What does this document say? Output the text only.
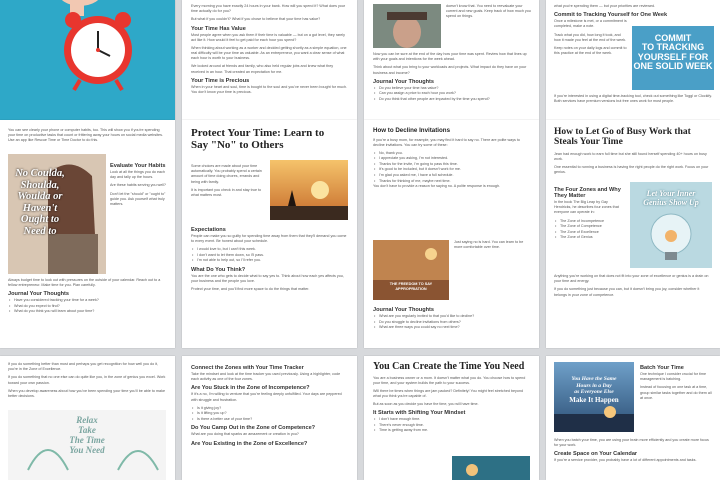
Every morning you have exactly 24 hours in your bank. How will you spend it? What does your time actually do for you?
But what if you couldn't? What if you chose to believe that your time has value?
Your Time Has Value
Most people agree when you ask them if their time is valuable — but on a gut level, they rarely act like it. How would it feel to get paid for each hour you spend?
When thinking about working as a worker and decided getting shortly as a simple equation, one real difficulty will be your time as valuable. As an entrepreneur, you want a clear sense of what each hour is worth to your business.
We looked around at friends and family, who also held regular jobs and knew what they received in an hour. That created an expectation for me.
Your Time is Precious
When in your heart and soul, time is bought to the soul and you've never been bought for much. You don't know your time is precious.
doesn't know that. You need to reevaluate your current and new goals. Keep track of how much you spend on things.
Now you can be sure at the end of the day how your time was spent. Review how that lines up with your goals and intentions for the week ahead.
Think about what you bring to your workloads and projects. What impact do they have on your business and income?
Journal Your Thoughts
• Do you believe your time has value?
• Can you assign a price to each hour you work?
• Do you think that other people are impacted by the time you spend?
what you're spending them — but your priorities are reviewed.
Commit to Tracking Yourself for One Week
Once a milestone is met, or a commitment is completed, make a note.
Track what you did, how long it took, and how it made you feel at the end of the week.
Keep notes on your daily logs and commit to this practice at the end of the week.
COMMIT
TO TRACKING
YOURSELF FOR
ONE SOLID WEEK
If you're interested in using a digital time-tracking tool, check out something like Toggl or Clockify. Both services have premium versions but free ones work for most people.
You can see clearly your phone or computer habits, too. This will show you if you're spending your time on productive tasks that count or frittering away your hours on social media websites. Use an app like Rescue Time or Time Doctor to do this.
No Coulda,
Shoulda,
Woulda or
Haven't
Ought to
Need to
Evaluate Your Habits
Look at all the things you do each day and tally up the hours.
Are these habits serving you well?
Don't let the "should" or "ought to" guide you. Ask yourself what truly matters.
Always budget time to look out with pressures on the outside of your calendar. Reach out to a fellow entrepreneur. Make time for you. Plan carefully.
Journal Your Thoughts
• Have you considered tracking your time for a week?
• What do you expect to find?
• What do you think you will learn about your time?
Protect Your Time: Learn to Say "No" to Others
Some choices are made about your time automatically. You probably spend a certain amount of time doing chores, errands and being with family.
It is important you check in and stay true to what matters most.
Expectations
People can make you so guilty for spending time away from them that they'll demand you come to every event. Be honest about your schedule.
• I would love to, but I can't this week.
• I don't want to let them down, so I'll pass.
• I'm not able to help out, so I'll refer you.
What Do You Think?
You are the one who gets to decide what to say yes to. Think about how each yes affects you, your business and the people you love.
Protect your time, and you'll find more space to do the things that matter.
How to Decline Invitations
If you're a busy mom, for example, you may find it hard to say no. There are polite ways to decline invitations. You can try some of these:
• No, thank you.
• I appreciate you asking, I'm not interested.
• Thanks for the invite, I'm going to pass this time.
• It's good to be included, but it doesn't work for me.
• I'm glad you asked me, I have a full schedule.
• Thanks for thinking of me, maybe next time.
You don't have to provide a reason for saying no. A polite response is enough.
THE FREEDOM TO SAY
APPROPRIATION
Just saying no is hard. You can learn to be more comfortable over time.
Journal Your Thoughts
• What are you regularly invited to that you'd like to decline?
• Do you struggle to decline invitations from others?
• What are three ways you could say no next time?
How to Let Go of Busy Work that Steals Your Time
Jean had enough work to earn full time but she still found herself spending 40+ hours on busy work.
One essential to running a business is having the right people do the right work. Focus on your genius.
The Four Zones and Why They Matter
In the book The Big Leap by Gay Hendricks, he describes four zones that everyone can operate in:
• The Zone of Incompetence
• The Zone of Competence
• The Zone of Excellence
• The Zone of Genius
Let Your Inner
Genius Show Up
Anything you're working on that does not fit into your zone of excellence or genius is a drain on your time and energy.
If you do something just because you can, but it doesn't bring you joy, consider whether it belongs in your zone of competence.
If you do something better than most and perhaps you get recognition for how well you do it, you're in the Zone of Excellence.
If you do something that no one else can do quite like you, in the zone of genius you excel. Work toward your own passion.
When you develop awareness about how you've been spending your time you'll be able to make better decisions.
Relax
Take
The Time
You Need
Connect the Zones with Your Time Tracker
Take the mindset and look at the time tracker you used previously. Using a highlighter, code each activity as one of the four zones.
Are You Stuck in the Zone of Incompetence?
If it's a no, I'm willing to venture that you're feeling deeply unfulfilled. Your days are peppered with struggle and frustration.
• Is it giving joy?
• Is it lifting you up?
• Is there a better use of your time?
Do You Camp Out in the Zone of Competence?
What are you doing that sparks an amazement or creation in you?
Are You Existing in the Zone of Excellence?
You Can Create the Time You Need
You are a business owner or a mom. It doesn't matter what you do. You choose how to spend your time, and your system builds the path to your success.
Will there be times when things are jam packed? Definitely! You might feel stretched beyond what you think you're capable of.
But as soon as you decide you have the time, you will have time.
It Starts with Shifting Your Mindset
• I don't have enough time.
• There's never enough time.
• Time is getting away from me.
You Have the Same
Hours in a Day
as Everyone Else
Make It Happen
Batch Your Time
One technique I consider crucial for time management is batching.
Instead of focusing on one task at a time, group similar tasks together and do them all at once.
When you batch your time, you are using your brain more efficiently and you create more focus for your work.
Create Space on Your Calendar
If you're a service provider, you probably have a lot of different appointments and tasks.
